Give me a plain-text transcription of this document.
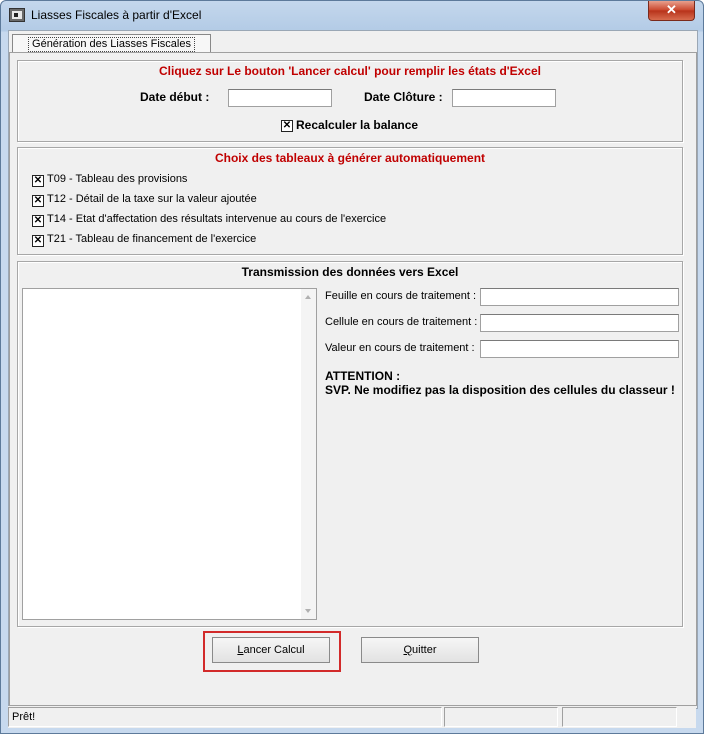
Liasses Fiscales à partir d'Excel	✕
Génération des Liasses Fiscales
Cliquez sur Le bouton 'Lancer calcul' pour remplir les états d'Excel
Date début :	Date Clôture :
✕ Recalculer la balance
Choix des tableaux à générer automatiquement
✕ T09 - Tableau des provisions
✕ T12 - Détail de la taxe sur la valeur ajoutée
✕ T14 - Etat d'affectation des résultats intervenue au cours de l'exercice
✕ T21 - Tableau de financement de l'exercice
Transmission des données vers Excel
Feuille en cours de traitement :
Cellule en cours de traitement :
Valeur en cours de traitement :
ATTENTION :
SVP. Ne modifiez pas la disposition des cellules du classeur !
Lancer Calcul	Quitter
Prêt!
